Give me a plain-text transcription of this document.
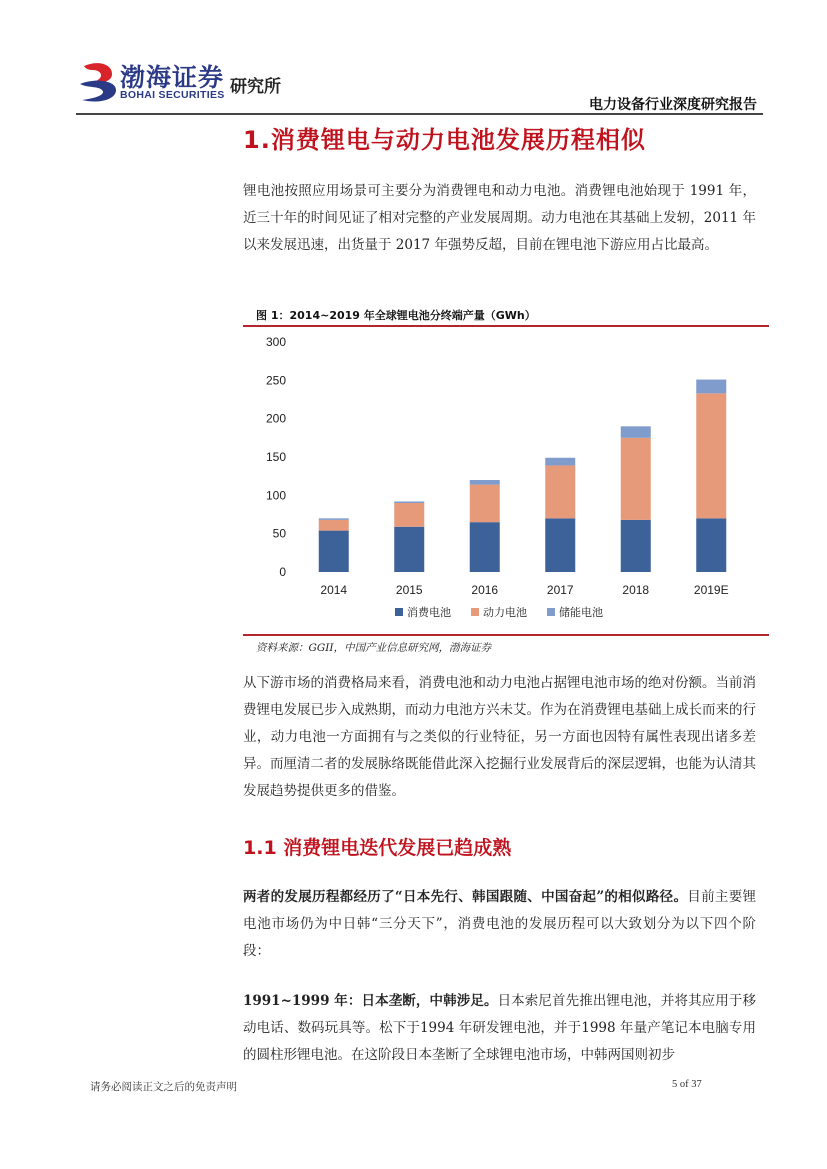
渤海证券
BOHAI SECURITIES 研究所
电力设备行业深度研究报告
1.消费锂电与动力电池发展历程相似
锂电池按照应用场景可主要分为消费锂电和动力电池。消费锂电池始现于 1991 年，近三十年的时间见证了相对完整的产业发展周期。动力电池在其基础上发轫，2011 年以来发展迅速，出货量于 2017 年强势反超，目前在锂电池下游应用占比最高。
图 1：2014~2019 年全球锂电池分终端产量（GWh）
0
50
100
150
200
250
300
2014	2015	2016	2017	2018	2019E
消费电池	动力电池	储能电池
资料来源：GGII，中国产业信息研究网，渤海证券
从下游市场的消费格局来看，消费电池和动力电池占据锂电池市场的绝对份额。当前消费锂电发展已步入成熟期，而动力电池方兴未艾。作为在消费锂电基础上成长而来的行业，动力电池一方面拥有与之类似的行业特征，另一方面也因特有属性表现出诸多差异。而厘清二者的发展脉络既能借此深入挖掘行业发展背后的深层逻辑，也能为认清其发展趋势提供更多的借鉴。
1.1 消费锂电迭代发展已趋成熟
两者的发展历程都经历了“日本先行、韩国跟随、中国奋起”的相似路径。目前主要锂电池市场仍为中日韩“三分天下”，消费电池的发展历程可以大致划分为以下四个阶段：
1991~1999 年：日本垄断，中韩涉足。日本索尼首先推出锂电池，并将其应用于移动电话、数码玩具等。松下于1994 年研发锂电池，并于1998 年量产笔记本电脑专用的圆柱形锂电池。在这阶段日本垄断了全球锂电池市场，中韩两国则初步
请务必阅读正文之后的免责声明	5 of 37
